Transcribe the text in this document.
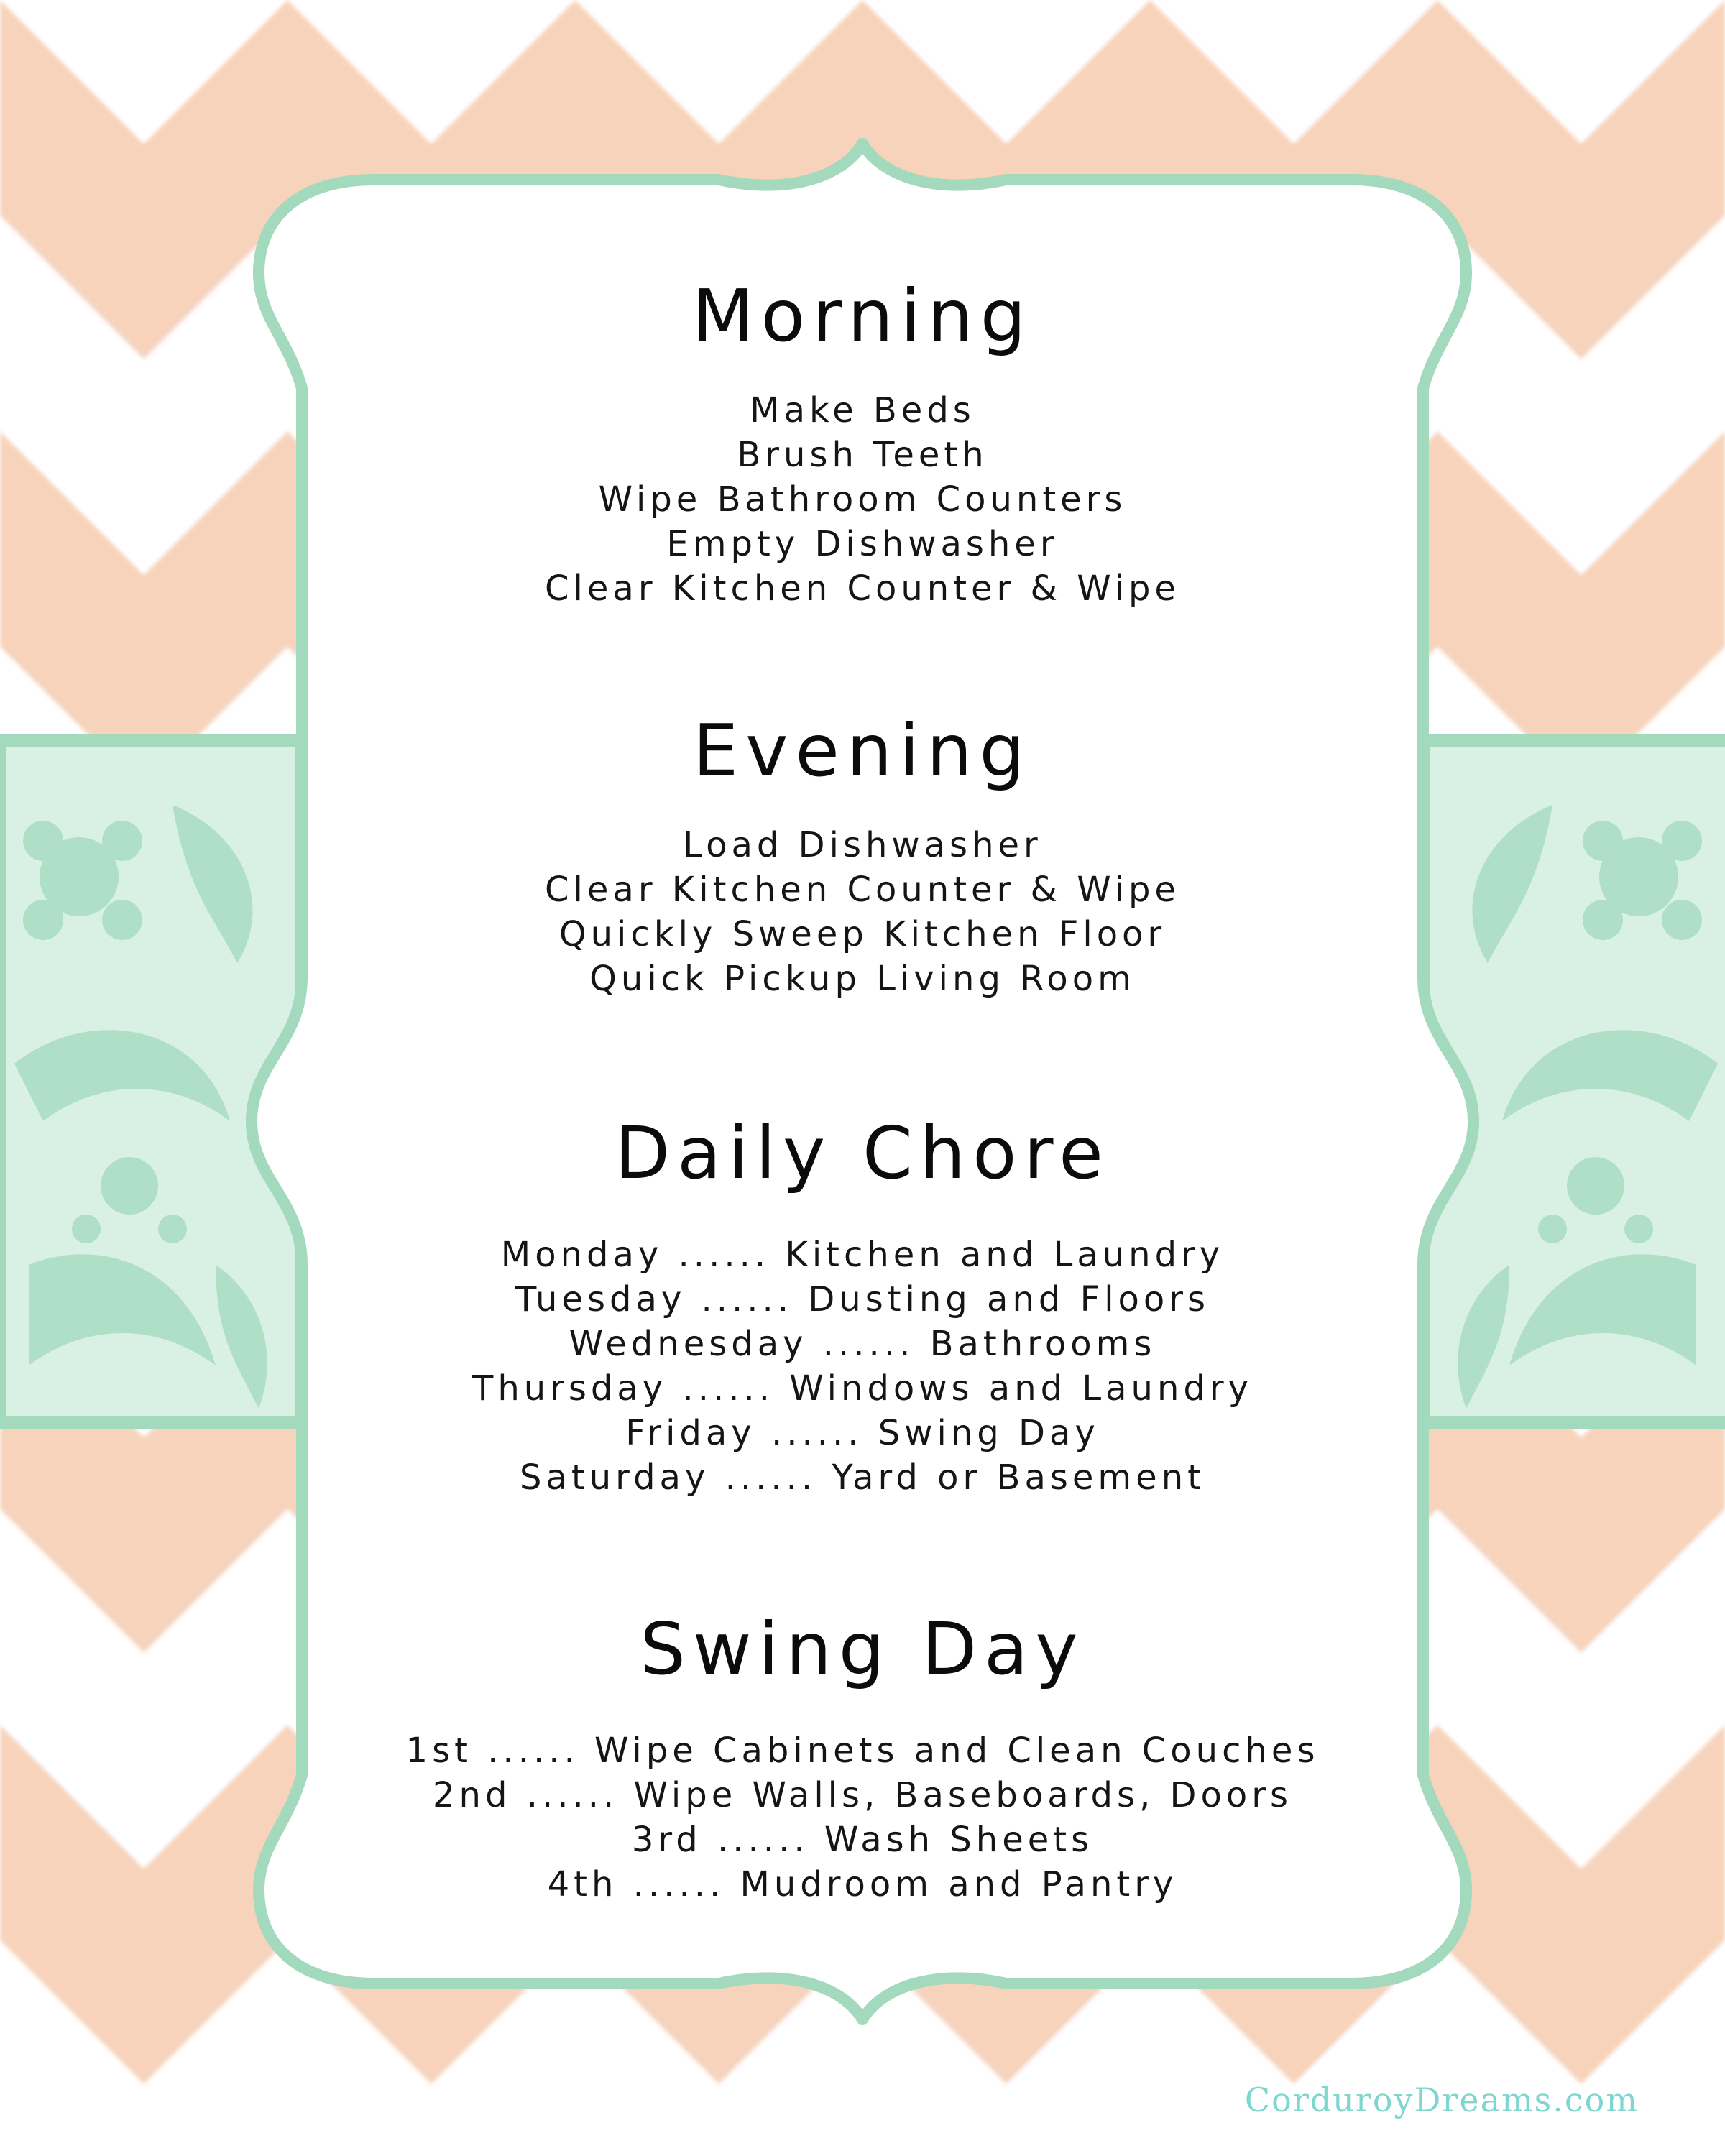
Morning
Make Beds
Brush Teeth
Wipe Bathroom Counters
Empty Dishwasher
Clear Kitchen Counter & Wipe
Evening
Load Dishwasher
Clear Kitchen Counter & Wipe
Quickly Sweep Kitchen Floor
Quick Pickup Living Room
Daily Chore
Monday ...... Kitchen and Laundry
Tuesday ...... Dusting and Floors
Wednesday ...... Bathrooms
Thursday ...... Windows and Laundry
Friday ...... Swing Day
Saturday ...... Yard or Basement
Swing Day
1st ...... Wipe Cabinets and Clean Couches
2nd ...... Wipe Walls, Baseboards, Doors
3rd ...... Wash Sheets
4th ...... Mudroom and Pantry
CorduroyDreams.com
